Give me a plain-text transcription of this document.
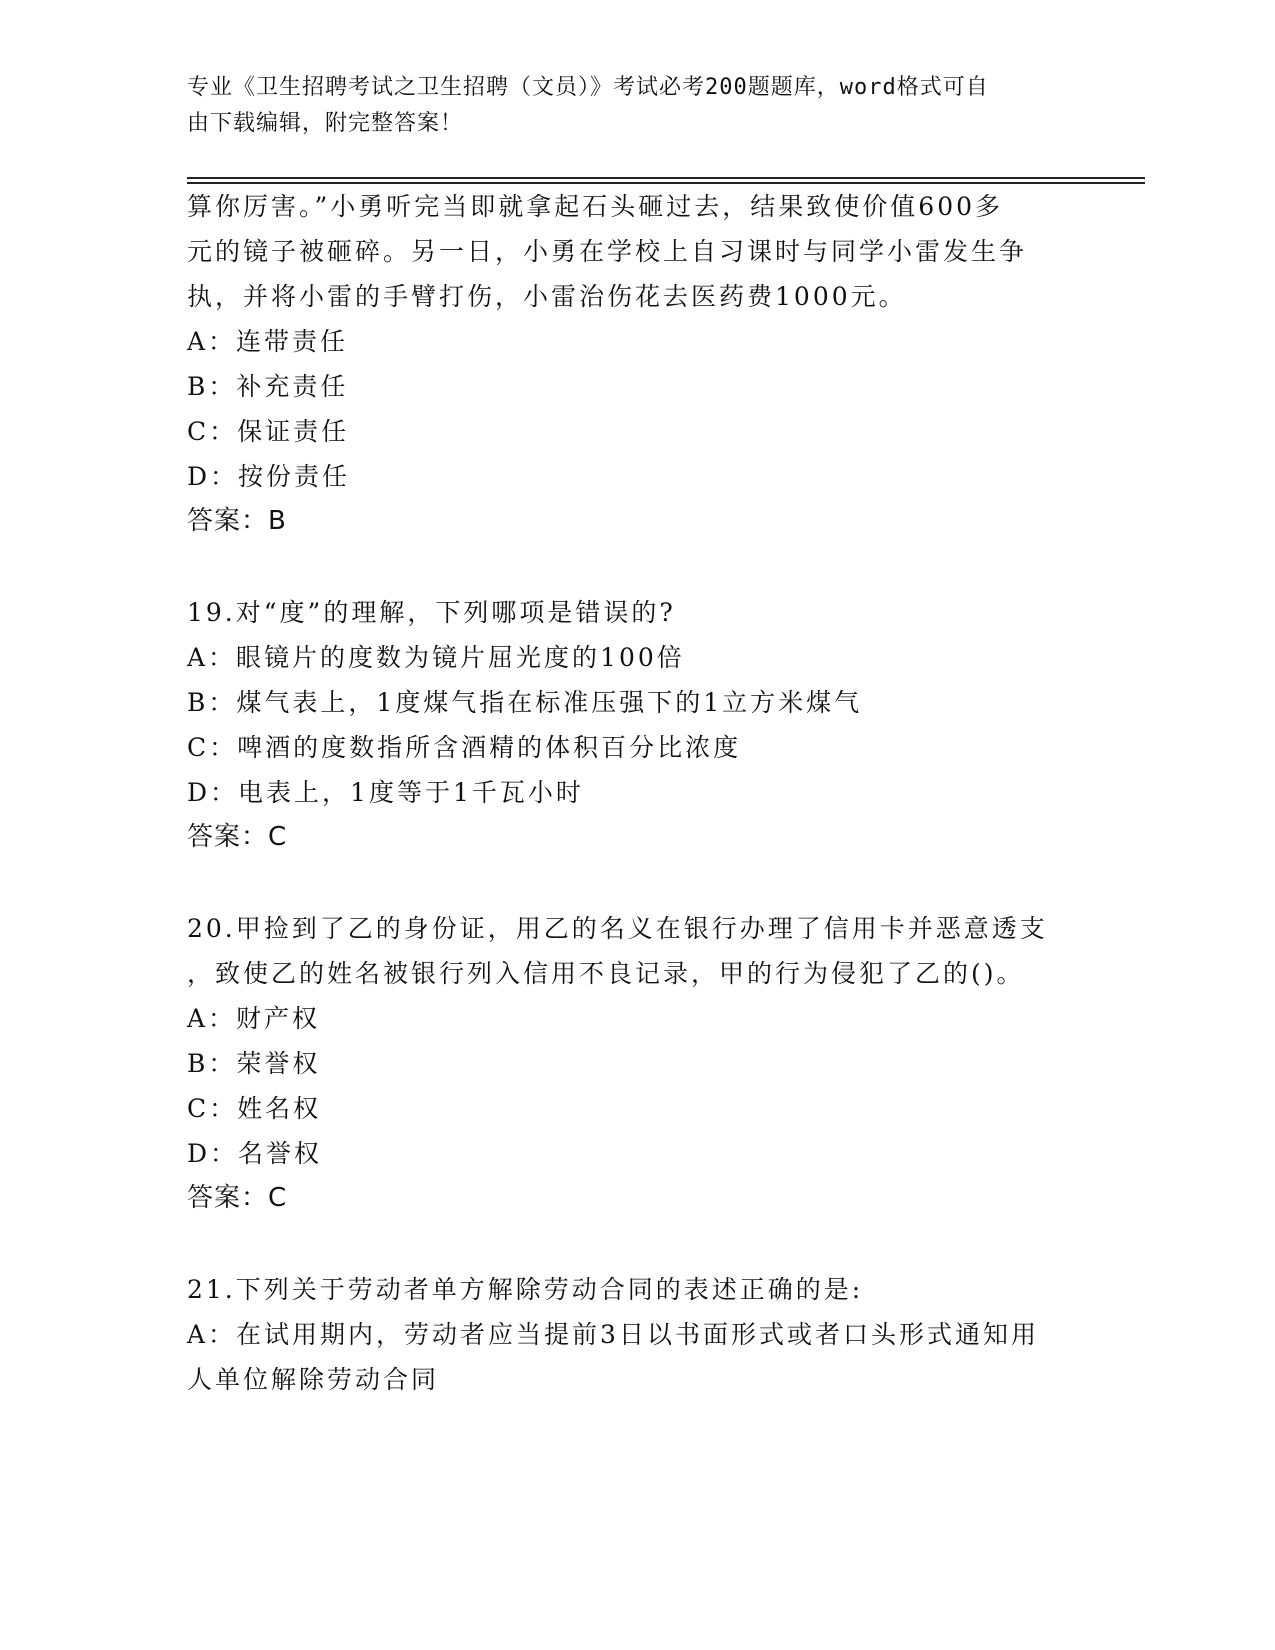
专业《卫生招聘考试之卫生招聘（文员）》考试必考200题题库，word格式可自
由下载编辑，附完整答案！

算你厉害。”小勇听完当即就拿起石头砸过去，结果致使价值600多

元的镜子被砸碎。另一日，小勇在学校上自习课时与同学小雷发生争

执，并将小雷的手臂打伤，小雷治伤花去医药费1000元。

A：连带责任

B：补充责任

C：保证责任

D：按份责任

答案：B

19.对“度”的理解，下列哪项是错误的?

A：眼镜片的度数为镜片屈光度的100倍

B：煤气表上，1度煤气指在标准压强下的1立方米煤气

C：啤酒的度数指所含酒精的体积百分比浓度

D：电表上，1度等于1千瓦小时

答案：C

20.甲捡到了乙的身份证，用乙的名义在银行办理了信用卡并恶意透支

，致使乙的姓名被银行列入信用不良记录，甲的行为侵犯了乙的()。

A：财产权

B：荣誉权

C：姓名权

D：名誉权

答案：C

21.下列关于劳动者单方解除劳动合同的表述正确的是:

A：在试用期内，劳动者应当提前3日以书面形式或者口头形式通知用

人单位解除劳动合同
